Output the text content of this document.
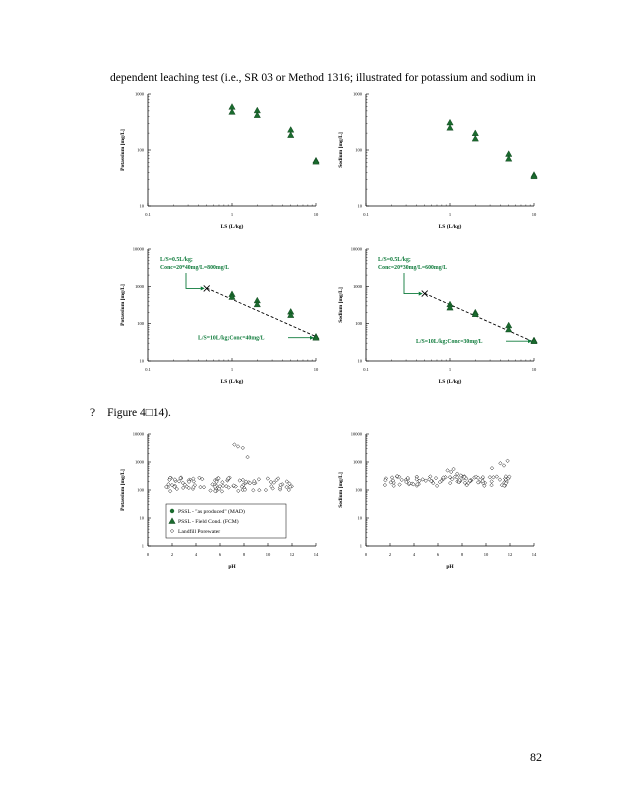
dependent leaching test (i.e., SR 03 or Method 1316; illustrated for potassium and sodium in
10
100
1000
0.1	1	10
LS (L/kg)
Potassium [mg/L]
10
100
1000
0.1	1	10
LS (L/kg)
Sodium [mg/L]
10
100
1000
10000
0.1	1	10
LS (L/kg)
Potassium [mg/L]
L/S=0.5L/kg;
Conc=20*40mg/L=800mg/L
L/S=10L/kg;Conc=40mg/L
10
100
1000
10000
0.1	1	10
LS (L/kg)
Sodium [mg/L]
L/S=0.5L/kg;
Conc=20*30mg/L=600mg/L
L/S=10L/kg;Conc=30mg/L
? Figure 4□14).
1
10
100
1000
10000
0	2	4	6	8	10	12	14
pH
Potassium [mg/L]
PSSL - "as produced" (MAD)
PSSL - Field Cond. (FCM)
Landfill Porewater
1
10
100
1000
10000
0	2	4	6	8	10	12	14
pH
Sodium [mg/L]
82
